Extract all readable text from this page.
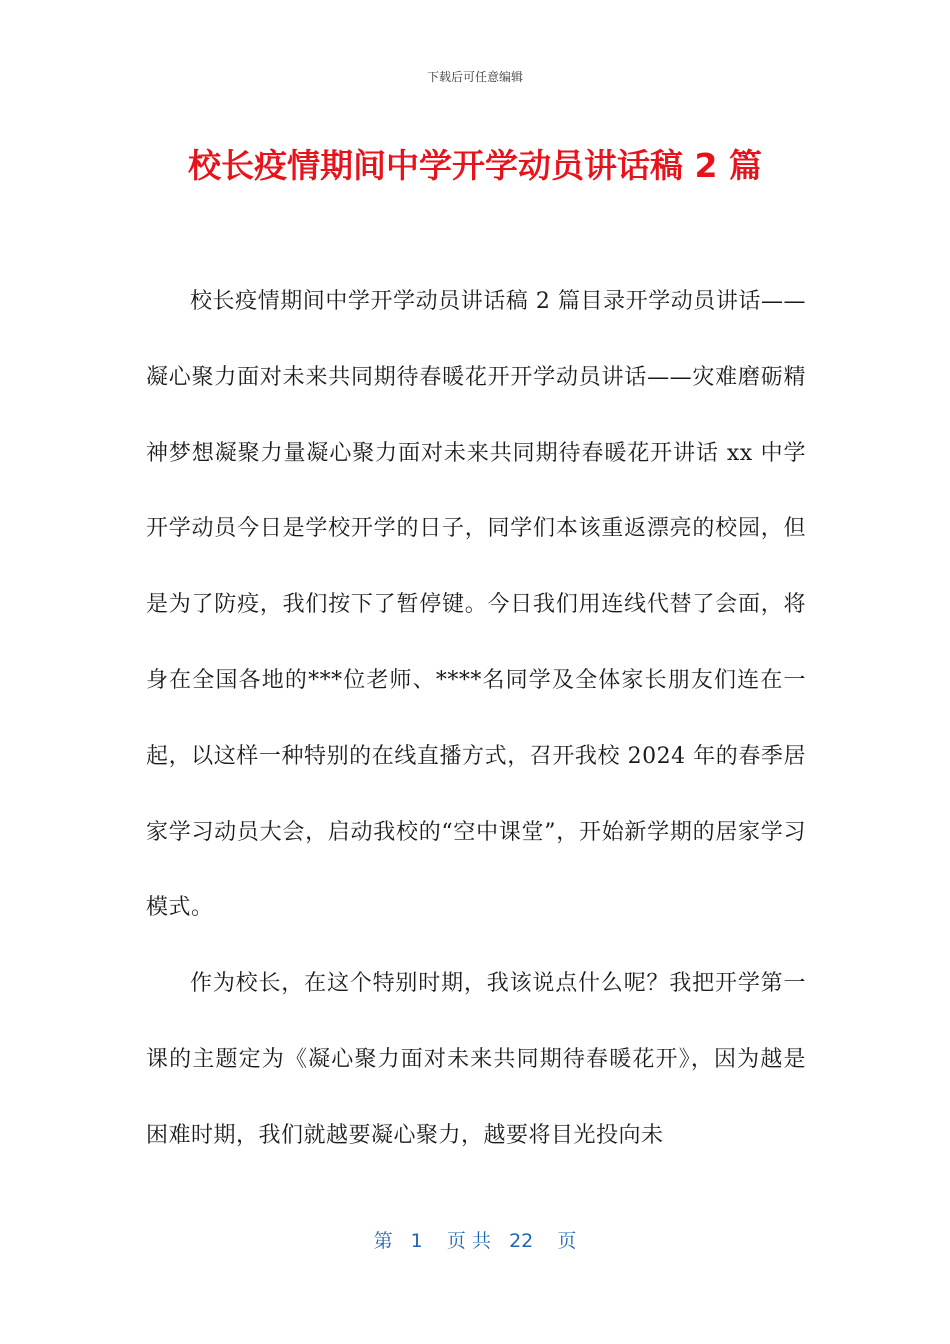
下载后可任意编辑
校长疫情期间中学开学动员讲话稿 2 篇

校长疫情期间中学开学动员讲话稿 2 篇目录开学动员讲话——凝心聚力面对未来共同期待春暖花开开学动员讲话——灾难磨砺精神梦想凝聚力量凝心聚力面对未来共同期待春暖花开讲话 xx 中学开学动员今日是学校开学的日子，同学们本该重返漂亮的校园，但是为了防疫，我们按下了暂停键。今日我们用连线代替了会面，将身在全国各地的***位老师、****名同学及全体家长朋友们连在一起，以这样一种特别的在线直播方式，召开我校 2024 年的春季居家学习动员大会，启动我校的“空中课堂”，开始新学期的居家学习模式。

作为校长，在这个特别时期，我该说点什么呢？我把开学第一课的主题定为《凝心聚力面对未来共同期待春暖花开》，因为越是困难时期，我们就越要凝心聚力，越要将目光投向未

第   1    页 共   22    页
